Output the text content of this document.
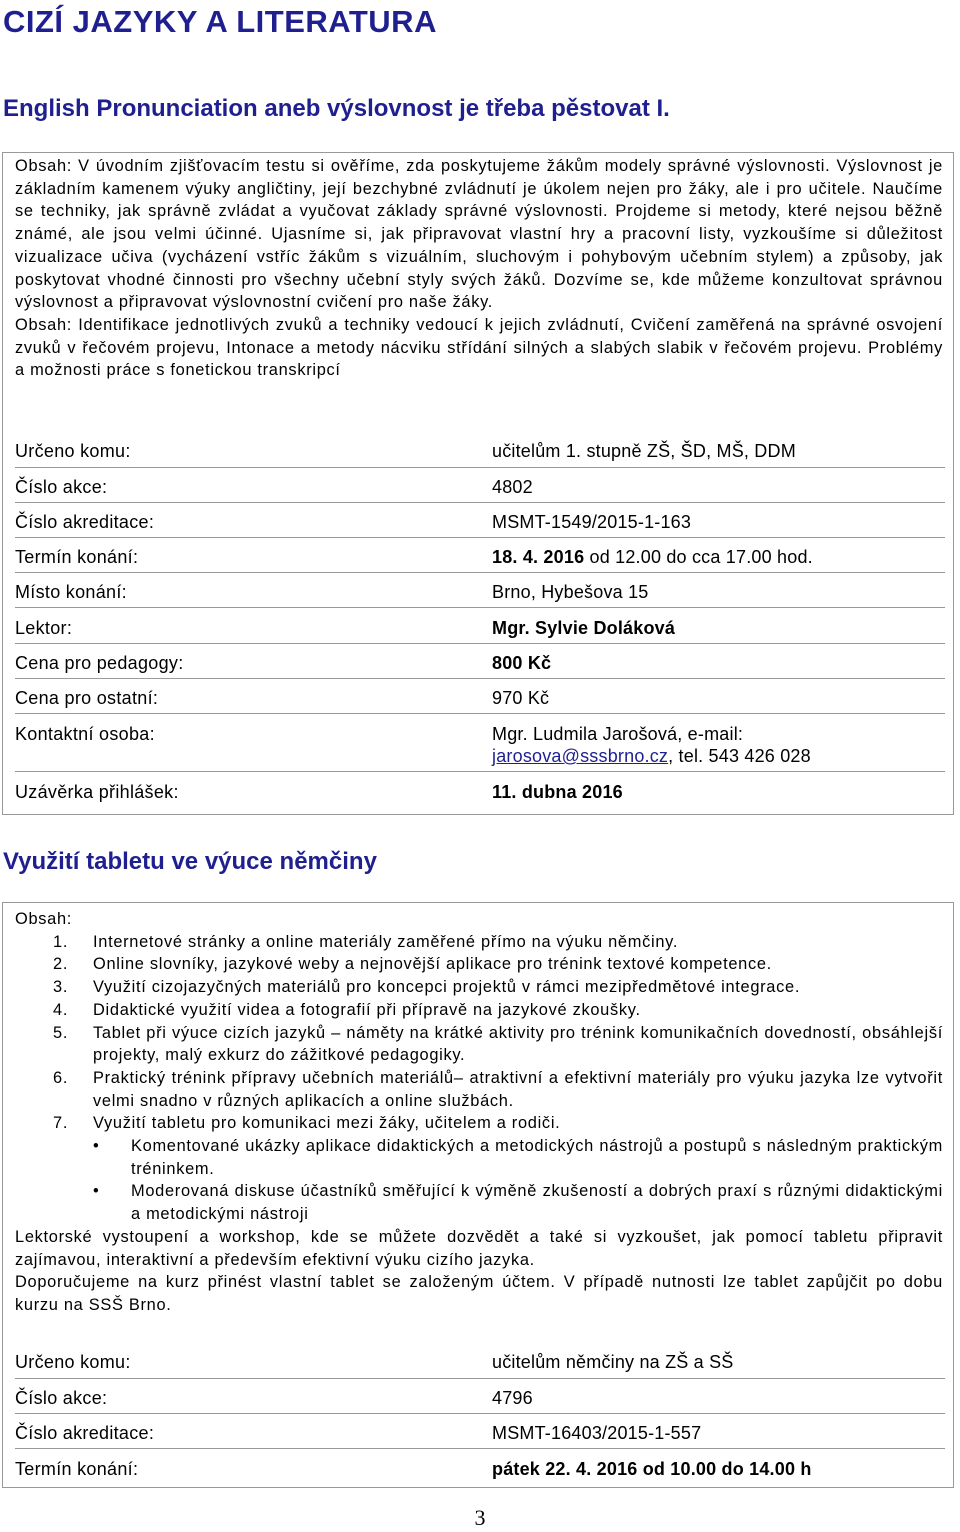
CIZÍ JAZYKY A LITERATURA
English Pronunciation aneb výslovnost je třeba pěstovat I.

Obsah: V úvodním zjišťovacím testu si ověříme, zda poskytujeme žákům modely správné výslovnosti. Výslovnost je základním kamenem výuky angličtiny, její bezchybné zvládnutí je úkolem nejen pro žáky, ale i pro učitele. Naučíme se techniky, jak správně zvládat a vyučovat základy správné výslovnosti. Projdeme si metody, které nejsou běžně známé, ale jsou velmi účinné. Ujasníme si, jak připravovat vlastní hry a pracovní listy, vyzkoušíme si důležitost vizualizace učiva (vycházení vstříc žákům s vizuálním, sluchovým i pohybovým učebním stylem) a způsoby, jak poskytovat vhodné činnosti pro všechny učební styly svých žáků. Dozvíme se, kde můžeme konzultovat správnou výslovnost a připravovat výslovnostní cvičení pro naše žáky.

Obsah: Identifikace jednotlivých zvuků a techniky vedoucí k jejich zvládnutí, Cvičení zaměřená na správné osvojení zvuků v řečovém projevu, Intonace a metody nácviku střídání silných a slabých slabik v řečovém projevu. Problémy a možnosti práce s fonetickou transkripcí

Určeno komu:	učitelům 1. stupně ZŠ, ŠD, MŠ, DDM
Číslo akce:	4802
Číslo akreditace:	MSMT-1549/2015-1-163
Termín konání:	18. 4. 2016 od 12.00 do cca 17.00 hod.
Místo konání:	Brno, Hybešova 15
Lektor:	Mgr. Sylvie Doláková
Cena pro pedagogy:	800 Kč
Cena pro ostatní:	970 Kč
Kontaktní osoba:	Mgr. Ludmila Jarošová, e-mail:
jarosova@sssbrno.cz, tel. 543 426 028
Uzávěrka přihlášek:	11. dubna 2016
Využití tabletu ve výuce němčiny
Obsah:
1. Internetové stránky a online materiály zaměřené přímo na výuku němčiny.
2. Online slovníky, jazykové weby a nejnovější aplikace pro trénink textové kompetence.
3. Využití cizojazyčných materiálů pro koncepci projektů v rámci mezipředmětové integrace.
4. Didaktické využití videa a fotografií při přípravě na jazykové zkoušky.
5. Tablet při výuce cizích jazyků – náměty na krátké aktivity pro trénink komunikačních dovedností, obsáhlejší projekty, malý exkurz do zážitkové pedagogiky.
6. Praktický trénink přípravy učebních materiálů– atraktivní a efektivní materiály pro výuku jazyka lze vytvořit velmi snadno v různých aplikacích a online službách.
7. Využití tabletu pro komunikaci mezi žáky, učitelem a rodiči.
• Komentované ukázky aplikace didaktických a metodických nástrojů a postupů s následným praktickým tréninkem.
• Moderovaná diskuse účastníků směřující k výměně zkušeností a dobrých praxí s různými didaktickými a metodickými nástroji
Lektorské vystoupení a workshop, kde se můžete dozvědět a také si vyzkoušet, jak pomocí tabletu připravit zajímavou, interaktivní a především efektivní výuku cizího jazyka.
Doporučujeme na kurz přinést vlastní tablet se založeným účtem. V případě nutnosti lze tablet zapůjčit po dobu kurzu na SSŠ Brno.
Určeno komu:	učitelům němčiny na ZŠ a SŠ
Číslo akce:	4796
Číslo akreditace:	MSMT-16403/2015-1-557
Termín konání:	pátek 22. 4. 2016 od 10.00 do 14.00 h
3
